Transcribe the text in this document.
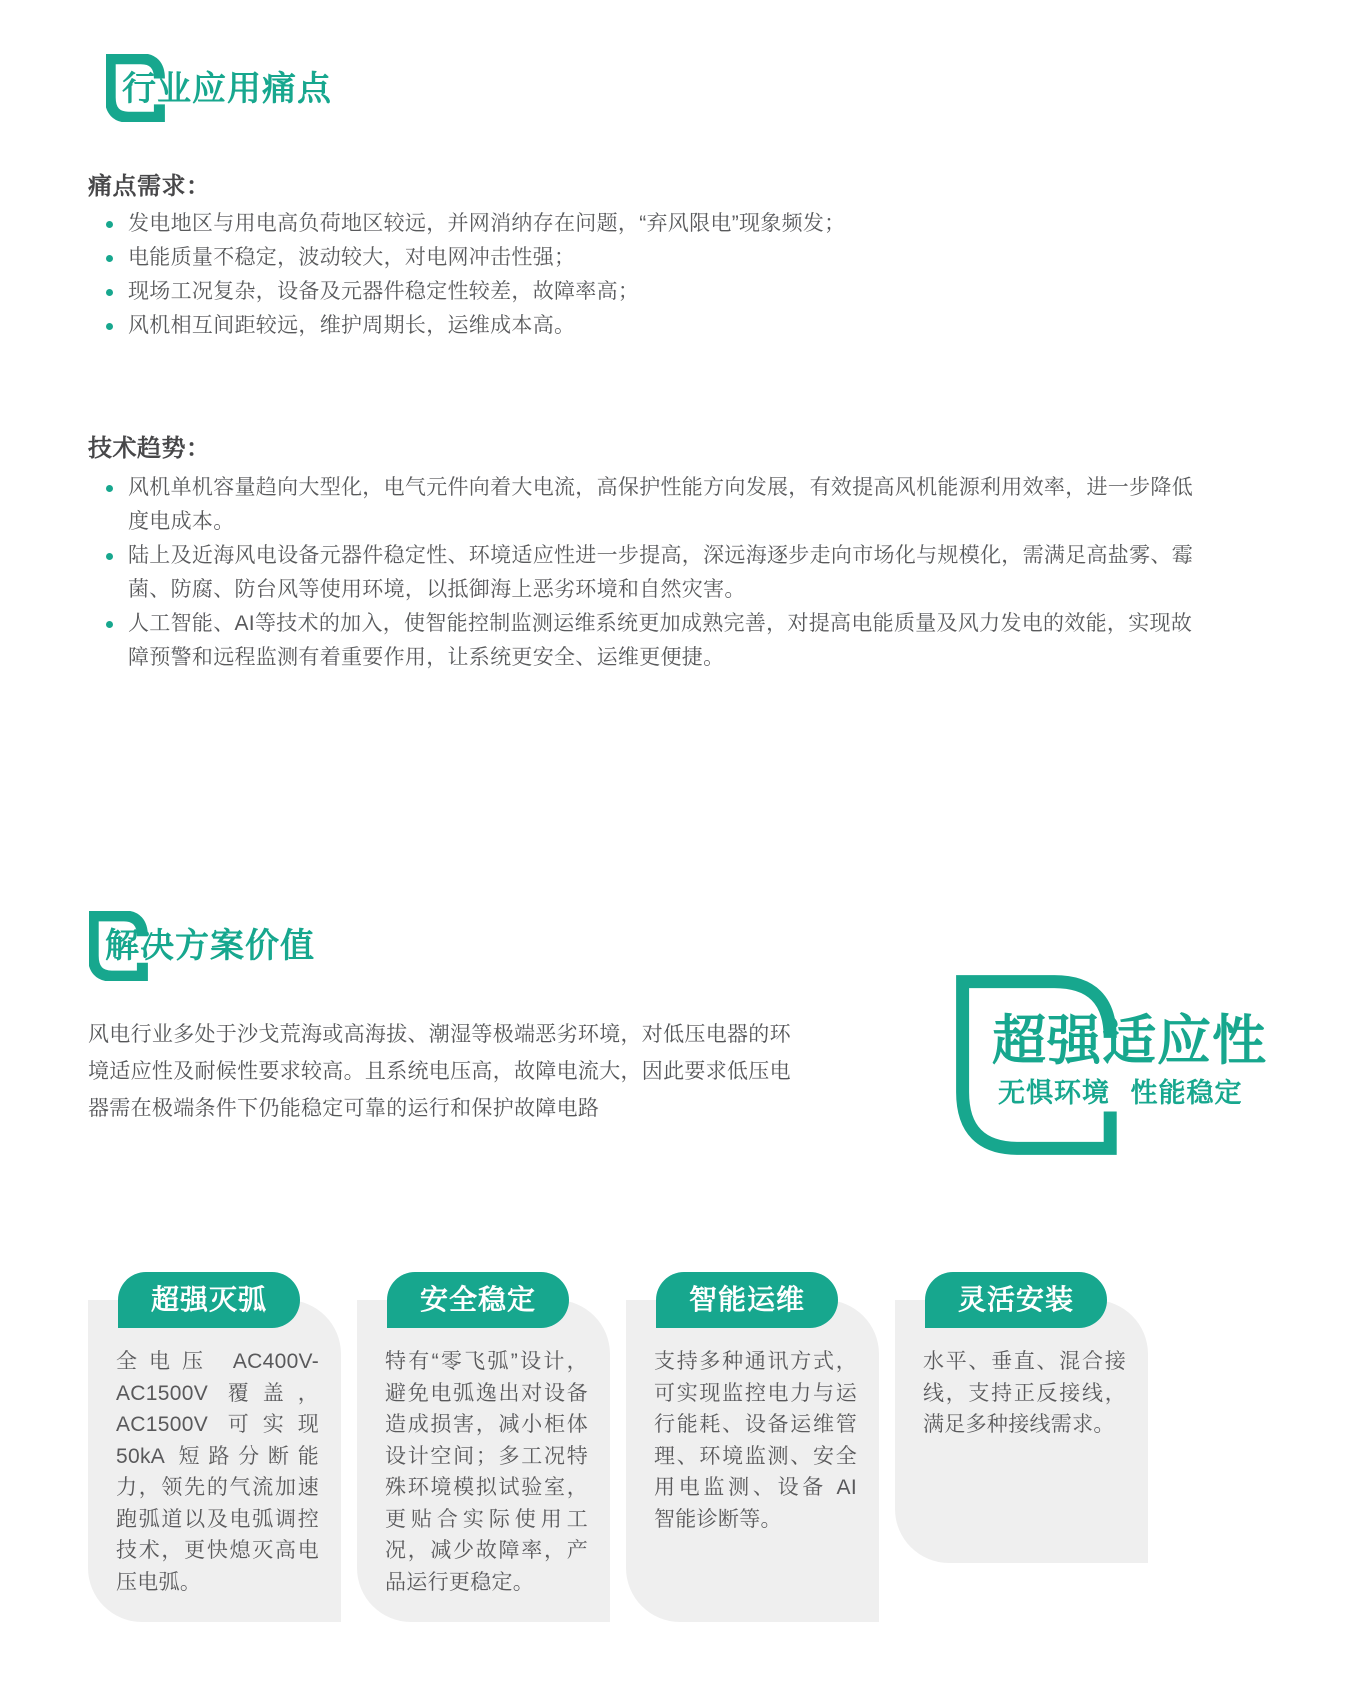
行业应用痛点
痛点需求：
发电地区与用电高负荷地区较远，并网消纳存在问题，“弃风限电”现象频发；
电能质量不稳定，波动较大，对电网冲击性强；
现场工况复杂，设备及元器件稳定性较差，故障率高；
风机相互间距较远，维护周期长，运维成本高。
技术趋势：
风机单机容量趋向大型化，电气元件向着大电流，高保护性能方向发展，有效提高风机能源利用效率，进一步降低度电成本。
陆上及近海风电设备元器件稳定性、环境适应性进一步提高，深远海逐步走向市场化与规模化，需满足高盐雾、霉菌、防腐、防台风等使用环境，以抵御海上恶劣环境和自然灾害。
人工智能、AI等技术的加入，使智能控制监测运维系统更加成熟完善，对提高电能质量及风力发电的效能，实现故障预警和远程监测有着重要作用，让系统更安全、运维更便捷。
解决方案价值
风电行业多处于沙戈荒海或高海拔、潮湿等极端恶劣环境，对低压电器的环境适应性及耐候性要求较高。且系统电压高，故障电流大，因此要求低压电器需在极端条件下仍能稳定可靠的运行和保护故障电路
超强适应性
无惧环境 性能稳定
超强灭弧
全电压 AC400V-AC1500V 覆盖，AC1500V 可实现 50kA 短路分断能力，领先的气流加速跑弧道以及电弧调控技术，更快熄灭高电压电弧。
安全稳定
特有“零飞弧”设计，避免电弧逸出对设备造成损害，减小柜体设计空间；多工况特殊环境模拟试验室，更贴合实际使用工况，减少故障率，产品运行更稳定。
智能运维
支持多种通讯方式，可实现监控电力与运行能耗、设备运维管理、环境监测、安全用电监测、设备 AI 智能诊断等。
灵活安装
水平、垂直、混合接线，支持正反接线，满足多种接线需求。
